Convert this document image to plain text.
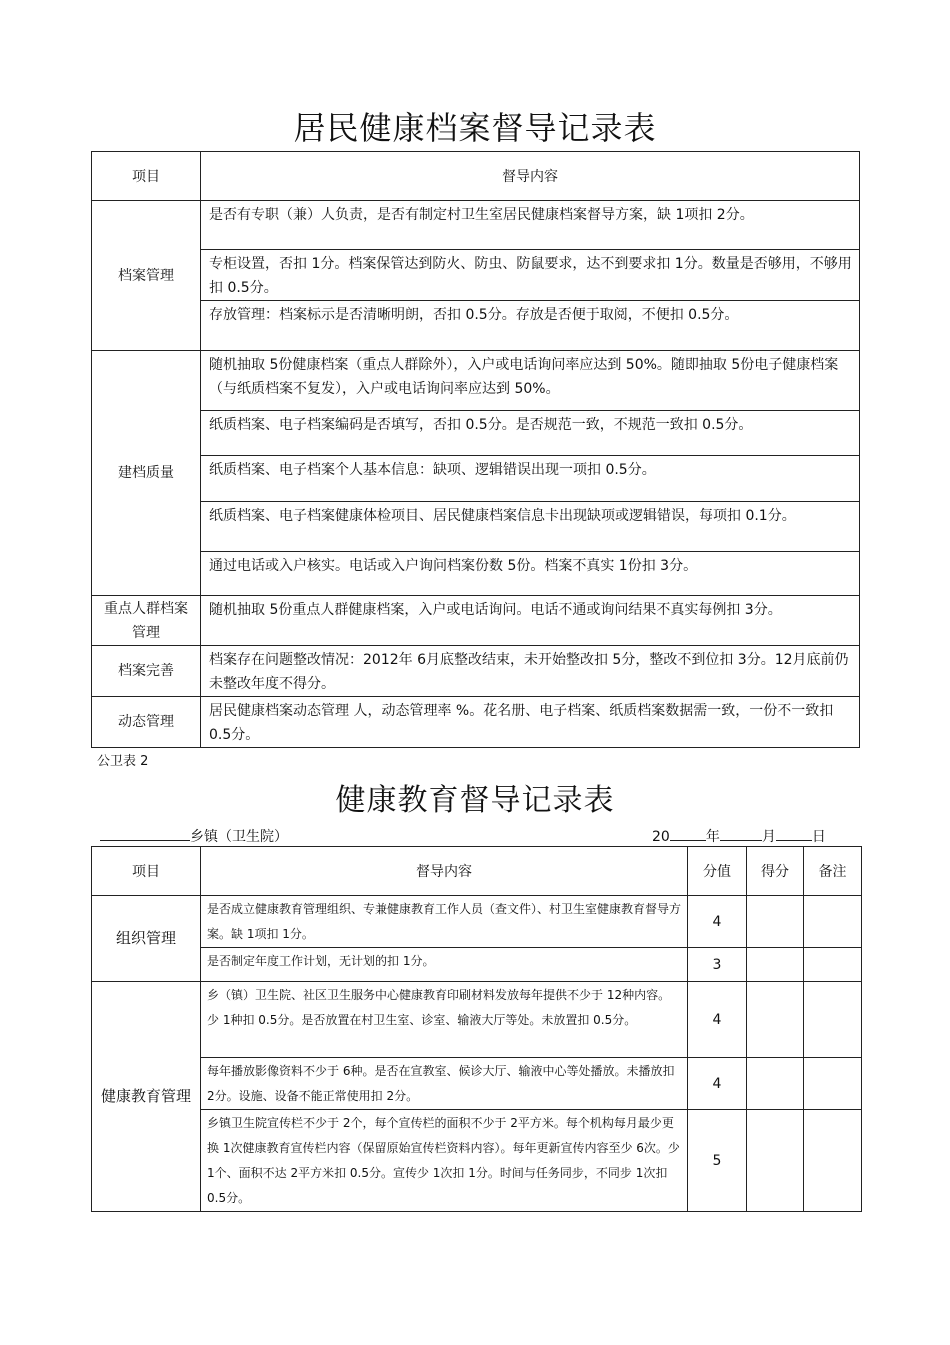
居民健康档案督导记录表
项目	督导内容
档案管理	是否有专职（兼）人负责，是否有制定村卫生室居民健康档案督导方案，缺 1项扣 2分。
	专柜设置，否扣 1分。档案保管达到防火、防虫、防鼠要求，达不到要求扣 1分。数量是否够用，不够用扣 0.5分。
	存放管理：档案标示是否清晰明朗，否扣 0.5分。存放是否便于取阅，不便扣 0.5分。
建档质量	随机抽取 5份健康档案（重点人群除外），入户或电话询问率应达到 50%。随即抽取 5份电子健康档案（与纸质档案不复发），入户或电话询问率应达到 50%。
	纸质档案、电子档案编码是否填写，否扣 0.5分。是否规范一致，不规范一致扣 0.5分。
	纸质档案、电子档案个人基本信息：缺项、逻辑错误出现一项扣 0.5分。
	纸质档案、电子档案健康体检项目、居民健康档案信息卡出现缺项或逻辑错误，每项扣 0.1分。
	通过电话或入户核实。电话或入户询问档案份数 5份。档案不真实 1份扣 3分。
重点人群档案管理	随机抽取 5份重点人群健康档案，入户或电话询问。电话不通或询问结果不真实每例扣 3分。
档案完善	档案存在问题整改情况：2012年 6月底整改结束，未开始整改扣 5分，整改不到位扣 3分。12月底前仍未整改年度不得分。
动态管理	居民健康档案动态管理 人，动态管理率 %。花名册、电子档案、纸质档案数据需一致，一份不一致扣 0.5分。
公卫表 2
健康教育督导记录表
乡镇（卫生院）	20	年	月	日
项目	督导内容	分值	得分	备注
组织管理	是否成立健康教育管理组织、专兼健康教育工作人员（查文件）、村卫生室健康教育督导方案。缺 1项扣 1分。	4		
	是否制定年度工作计划，无计划的扣 1分。	3		
健康教育管理	乡（镇）卫生院、社区卫生服务中心健康教育印刷材料发放每年提供不少于 12种内容。少 1种扣 0.5分。是否放置在村卫生室、诊室、输液大厅等处。未放置扣 0.5分。	4		
	每年播放影像资料不少于 6种。是否在宣教室、候诊大厅、输液中心等处播放。未播放扣 2分。设施、设备不能正常使用扣 2分。	4		
	乡镇卫生院宣传栏不少于 2个，每个宣传栏的面积不少于 2平方米。每个机构每月最少更换 1次健康教育宣传栏内容（保留原始宣传栏资料内容）。每年更新宣传内容至少 6次。少 1个、面积不达 2平方米扣 0.5分。宣传少 1次扣 1分。时间与任务同步，不同步 1次扣 0.5分。	5		
